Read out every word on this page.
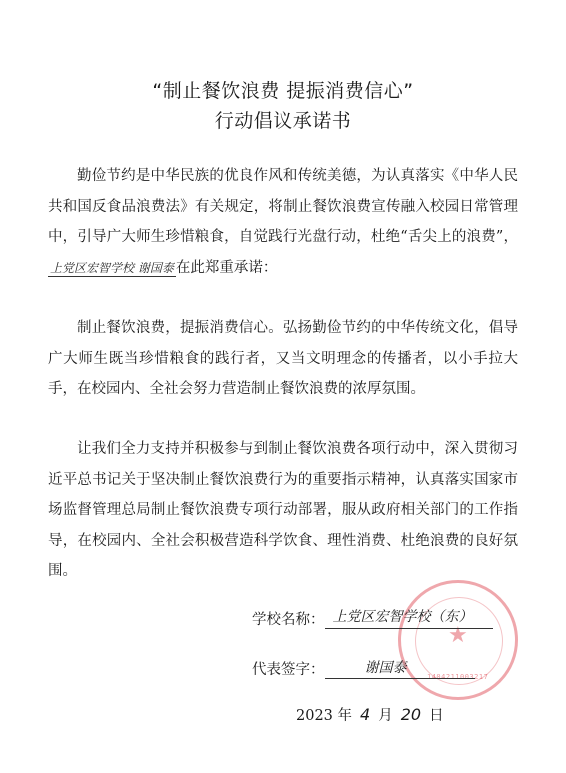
“制止餐饮浪费 提振消费信心”
行动倡议承诺书

勤俭节约是中华民族的优良作风和传统美德，为认真落实《中华人民共和国反食品浪费法》有关规定，将制止餐饮浪费宣传融入校园日常管理中，引导广大师生珍惜粮食，自觉践行光盘行动，杜绝“舌尖上的浪费”，上党区宏智学校 谢国泰 在此郑重承诺：

制止餐饮浪费，提振消费信心。弘扬勤俭节约的中华传统文化，倡导广大师生既当珍惜粮食的践行者，又当文明理念的传播者，以小手拉大手，在校园内、全社会努力营造制止餐饮浪费的浓厚氛围。

让我们全力支持并积极参与到制止餐饮浪费各项行动中，深入贯彻习近平总书记关于坚决制止餐饮浪费行为的重要指示精神，认真落实国家市场监督管理总局制止餐饮浪费专项行动部署，服从政府相关部门的工作指导，在校园内、全社会积极营造科学饮食、理性消费、杜绝浪费的良好氛围。

★
1404211003217
学校名称： 上党区宏智学校（东）
代表签字：	谢国泰
2023 年 4 月 20 日
